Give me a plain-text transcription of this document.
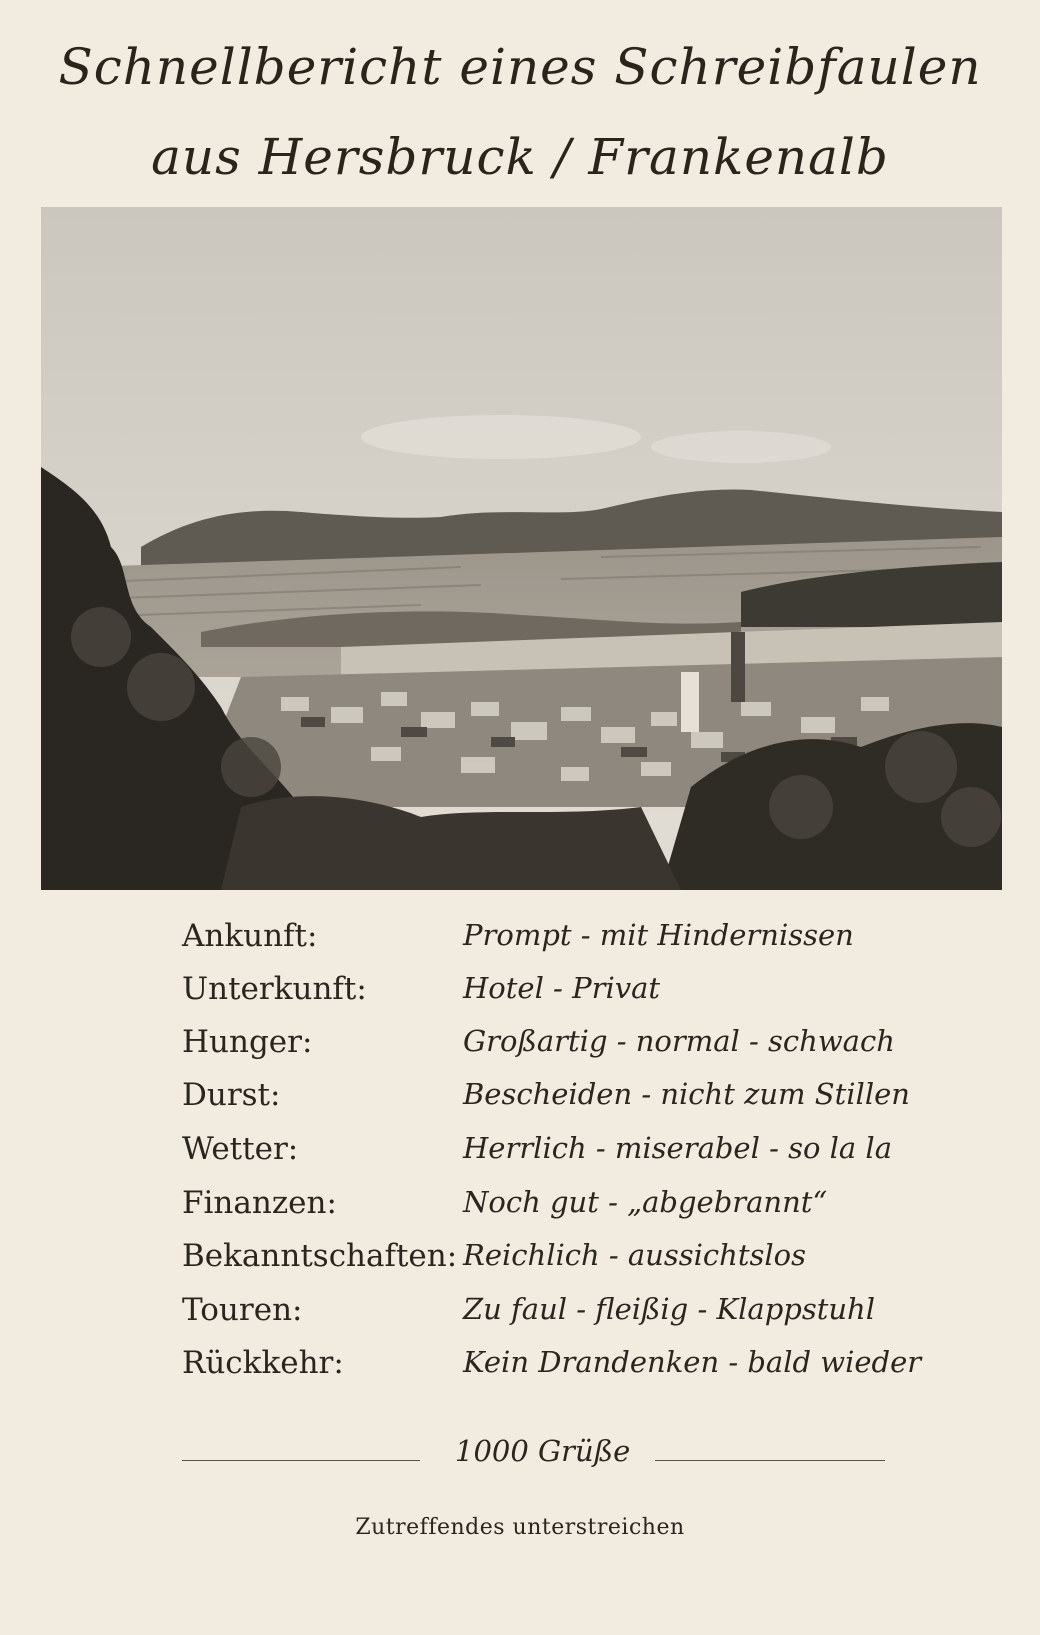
Schnellbericht eines Schreibfaulen
aus Hersbruck / Frankenalb
Ankunft:	Prompt - mit Hindernissen
Unterkunft:	Hotel - Privat
Hunger:	Großartig - normal - schwach
Durst:	Bescheiden - nicht zum Stillen
Wetter:	Herrlich - miserabel - so la la
Finanzen:	Noch gut - „abgebrannt“
Bekanntschaften: Reichlich - aussichtslos
Touren:	Zu faul - fleißig - Klappstuhl
Rückkehr:	Kein Drandenken - bald wieder
1000 Grüße
Zutreffendes unterstreichen
